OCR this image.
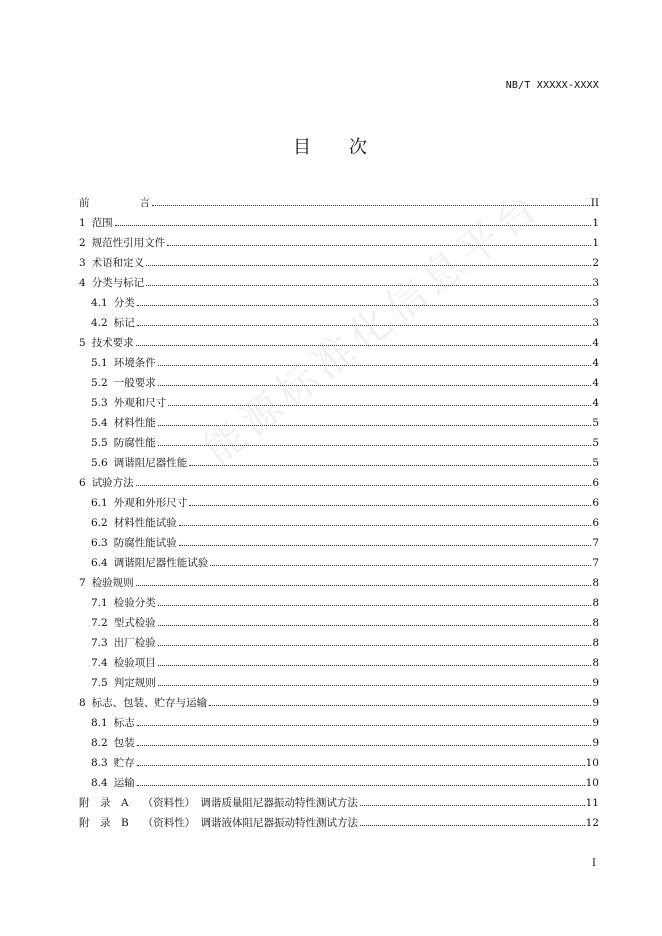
NB/T XXXXX-XXXX
目 次
能源标准化信息平台
前	言	II
1 范围	1
2 规范性引用文件	1
3 术语和定义	2
4 分类与标记	3
4.1 分类	3
4.2 标记	3
5 技术要求	4
5.1 环境条件	4
5.2 一般要求	4
5.3 外观和尺寸	4
5.4 材料性能	5
5.5 防腐性能	5
5.6 调谐阻尼器性能	5
6 试验方法	6
6.1 外观和外形尺寸	6
6.2 材料性能试验	6
6.3 防腐性能试验	7
6.4 调谐阻尼器性能试验	7
7 检验规则	8
7.1 检验分类	8
7.2 型式检验	8
7.3 出厂检验	8
7.4 检验项目	8
7.5 判定规则	9
8 标志、包装、贮存与运输	9
8.1 标志	9
8.2 包装	9
8.3 贮存	10
8.4 运输	10
附　录　A （资料性）　调谐质量阻尼器振动特性测试方法	11
附　录　B （资料性）　调谐液体阻尼器振动特性测试方法	12
I
